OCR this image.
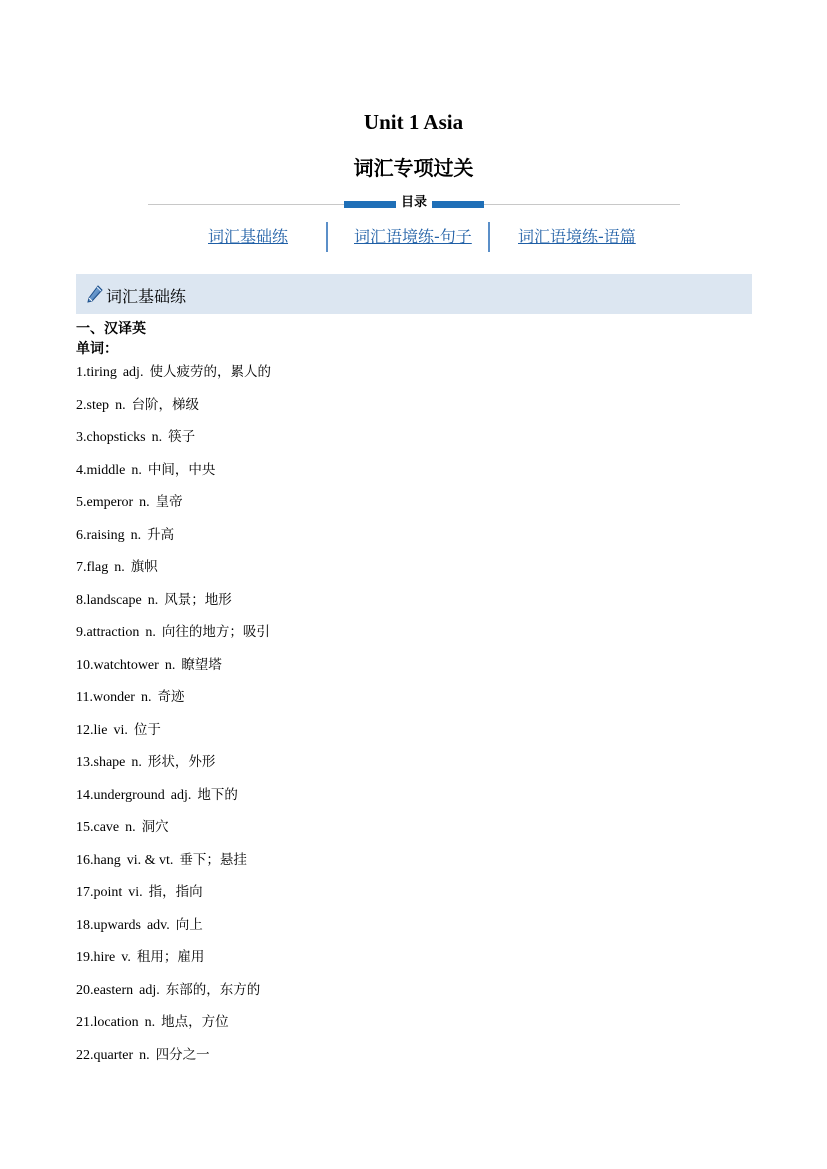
Unit 1 Asia
词汇专项过关
目录
词汇基础练	词汇语境练-句子	词汇语境练-语篇
词汇基础练
一、汉译英
单词：
1.tiring adj. 使人疲劳的，累人的
2.step n. 台阶，梯级
3.chopsticks n. 筷子
4.middle n. 中间，中央
5.emperor n. 皇帝
6.raising n. 升高
7.flag n. 旗帜
8.landscape n. 风景；地形
9.attraction n. 向往的地方；吸引
10.watchtower n. 瞭望塔
11.wonder n. 奇迹
12.lie vi. 位于
13.shape n. 形状，外形
14.underground adj. 地下的
15.cave n. 洞穴
16.hang vi. & vt. 垂下；悬挂
17.point vi. 指，指向
18.upwards adv. 向上
19.hire v. 租用；雇用
20.eastern adj. 东部的，东方的
21.location n. 地点，方位
22.quarter n. 四分之一
